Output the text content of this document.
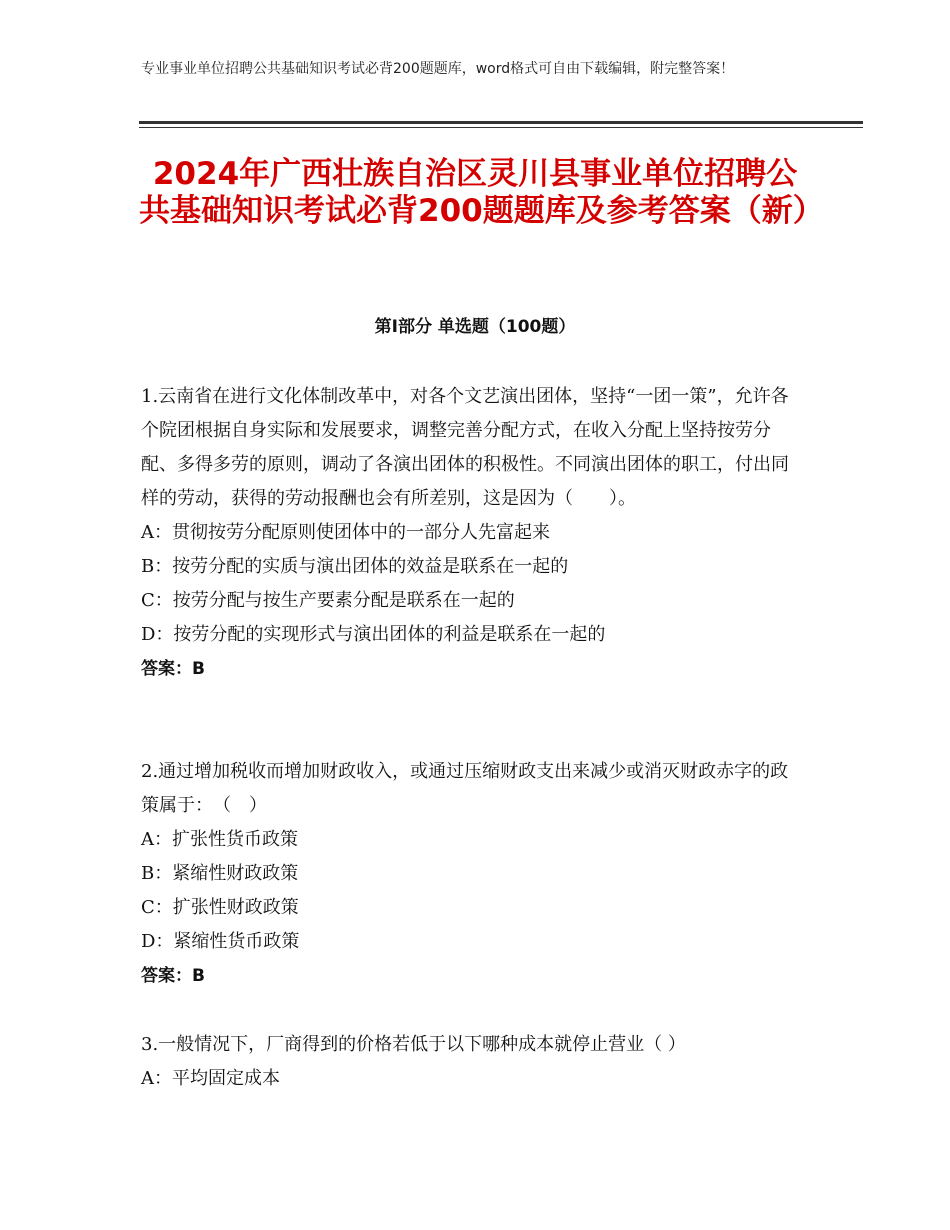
专业事业单位招聘公共基础知识考试必背200题题库，word格式可自由下载编辑，附完整答案！
2024年广西壮族自治区灵川县事业单位招聘公共基础知识考试必背200题题库及参考答案（新）
第Ⅰ部分 单选题（100题）
1.云南省在进行文化体制改革中，对各个文艺演出团体，坚持“一团一策”，允许各个院团根据自身实际和发展要求，调整完善分配方式，在收入分配上坚持按劳分配、多得多劳的原则，调动了各演出团体的积极性。不同演出团体的职工，付出同样的劳动，获得的劳动报酬也会有所差别，这是因为（　　）。
A：贯彻按劳分配原则使团体中的一部分人先富起来
B：按劳分配的实质与演出团体的效益是联系在一起的
C：按劳分配与按生产要素分配是联系在一起的
D：按劳分配的实现形式与演出团体的利益是联系在一起的
答案：B
2.通过增加税收而增加财政收入，或通过压缩财政支出来减少或消灭财政赤字的政策属于：　（　）
A：扩张性货币政策
B：紧缩性财政政策
C：扩张性财政政策
D：紧缩性货币政策
答案：B
3.一般情况下，厂商得到的价格若低于以下哪种成本就停止营业（ ）
A：平均固定成本
